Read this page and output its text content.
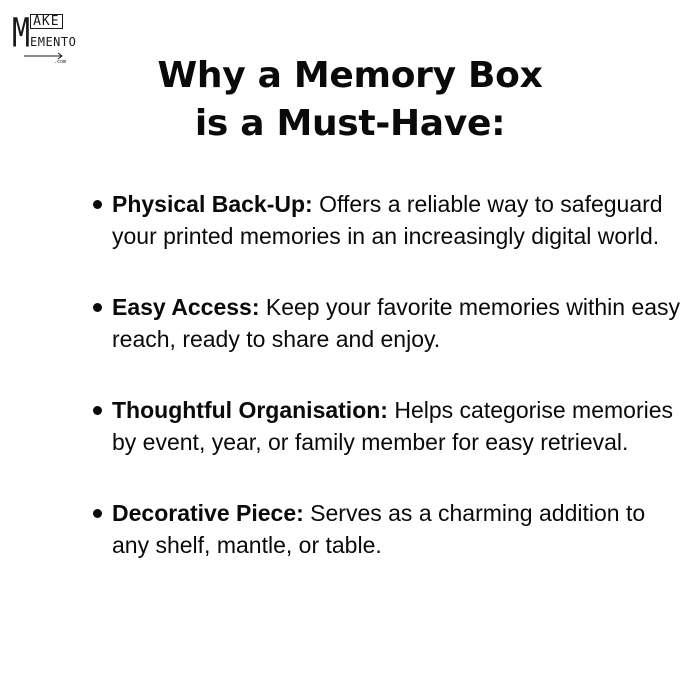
M AKE
EMENTO
.com	Why a Memory Box
is a Must-Have:
Physical Back-Up: Offers a reliable way to safeguard your printed memories in an increasingly digital world.
Easy Access: Keep your favorite memories within easy reach, ready to share and enjoy.
Thoughtful Organisation: Helps categorise memories by event, year, or family member for easy retrieval.
Decorative Piece: Serves as a charming addition to any shelf, mantle, or table.
